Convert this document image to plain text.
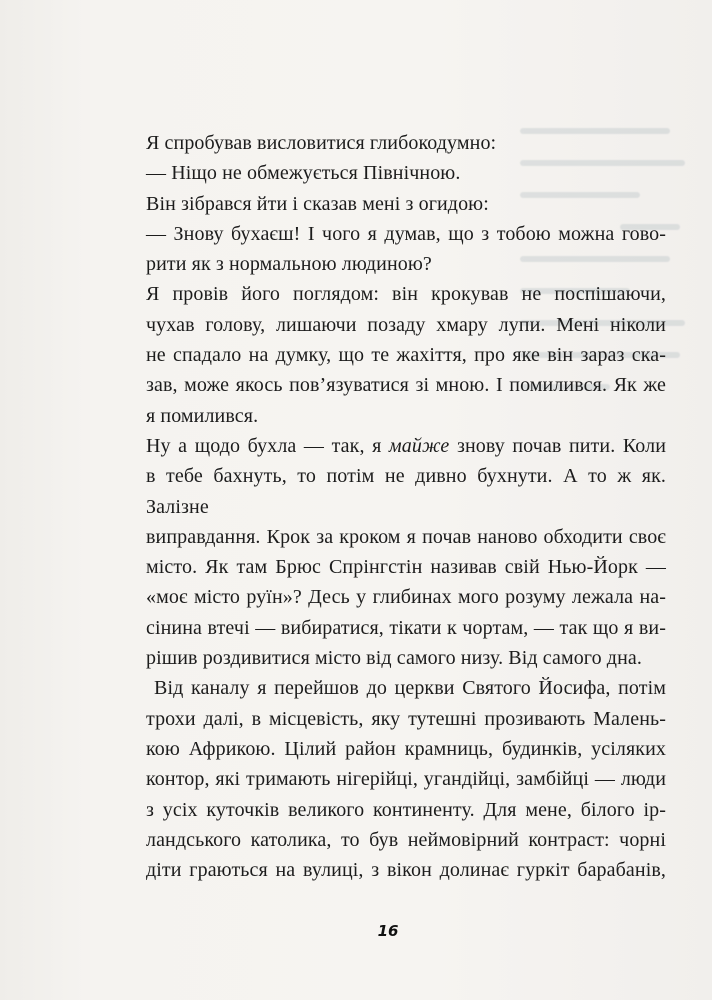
Я спробував висловитися глибокодумно:
— Ніщо не обмежується Північною.
Він зібрався йти і сказав мені з огидою:
— Знову бухаєш! І чого я думав, що з тобою можна гово-
рити як з нормальною людиною?
Я провів його поглядом: він крокував не поспішаючи,
чухав голову, лишаючи позаду хмару лупи. Мені ніколи
не спадало на думку, що те жахіття, про яке він зараз ска-
зав, може якось пов’язуватися зі мною. І помилився. Як же
я помилився.
Ну а щодо бухла — так, я майже знову почав пити. Коли
в тебе бахнуть, то потім не дивно бухнути. А то ж як. Залізне
виправдання. Крок за кроком я почав наново обходити своє
місто. Як там Брюс Спрінгстін називав свій Нью-Йорк —
«моє місто руїн»? Десь у глибинах мого розуму лежала на-
сінина втечі — вибиратися, тікати к чортам, — так що я ви-
рішив роздивитися місто від самого низу. Від самого дна.
Від каналу я перейшов до церкви Святого Йосифа, потім
трохи далі, в місцевість, яку тутешні прозивають Малень-
кою Африкою. Цілий район крамниць, будинків, усіляких
контор, які тримають нігерійці, угандійці, замбійці — люди
з усіх куточків великого континенту. Для мене, білого ір-
ландського католика, то був неймовірний контраст: чорні
діти граються на вулиці, з вікон долинає гуркіт барабанів,
16
